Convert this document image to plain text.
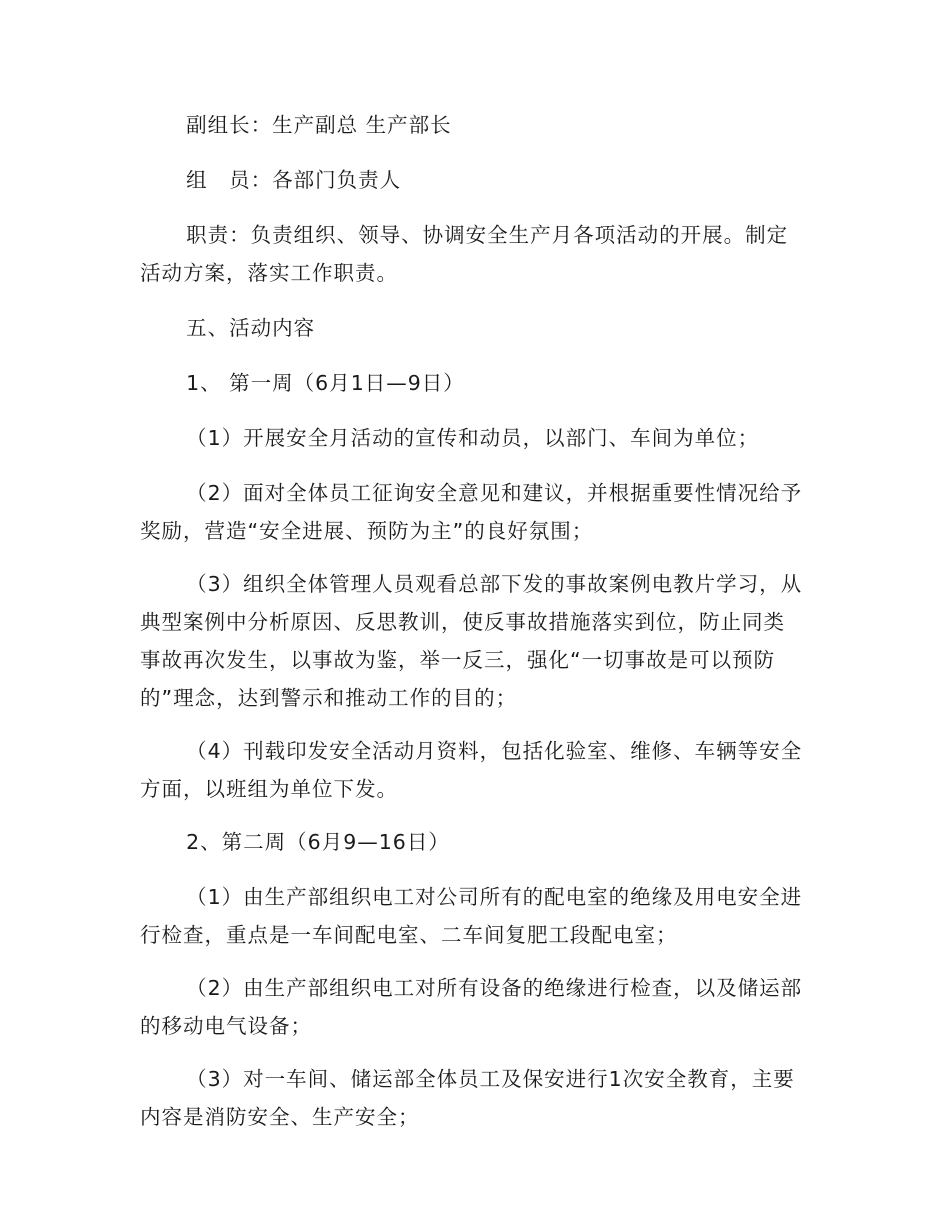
副组长：生产副总 生产部长

组　员：各部门负责人

职责：负责组织、领导、协调安全生产月各项活动的开展。制定活动方案，落实工作职责。

五、活动内容

1、 第一周（6月1日—9日）

（1）开展安全月活动的宣传和动员，以部门、车间为单位；

（2）面对全体员工征询安全意见和建议，并根据重要性情况给予奖励，营造“安全进展、预防为主”的良好氛围；

（3）组织全体管理人员观看总部下发的事故案例电教片学习，从典型案例中分析原因、反思教训，使反事故措施落实到位，防止同类事故再次发生，以事故为鉴，举一反三，强化“一切事故是可以预防的”理念，达到警示和推动工作的目的；

（4）刊载印发安全活动月资料，包括化验室、维修、车辆等安全方面，以班组为单位下发。

2、第二周（6月9—16日）

（1）由生产部组织电工对公司所有的配电室的绝缘及用电安全进行检查，重点是一车间配电室、二车间复肥工段配电室；

（2）由生产部组织电工对所有设备的绝缘进行检查，以及储运部的移动电气设备；

（3）对一车间、储运部全体员工及保安进行1次安全教育，主要内容是消防安全、生产安全；
